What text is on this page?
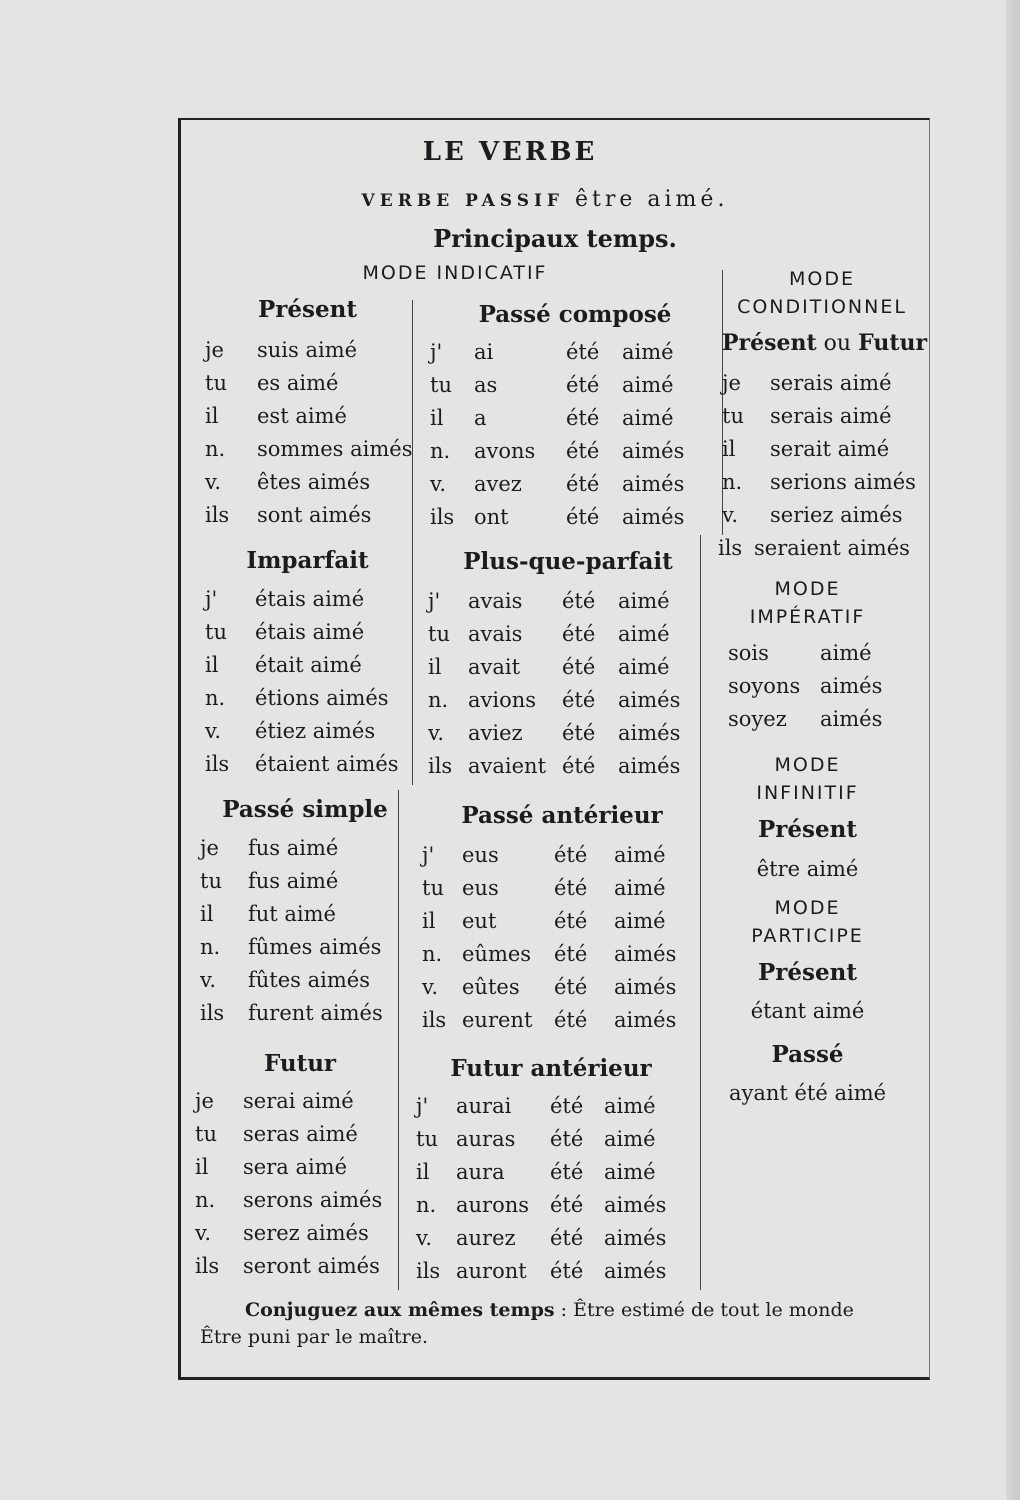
LE VERBE
VERBE PASSIF être aimé.
Principaux temps.
MODE INDICATIF	MODE
CONDITIONNEL
Présent ou Futur
MODE
IMPÉRATIF
MODE
INFINITIF
Présent
être aimé
MODE
PARTICIPE
Présent
étant aimé
Passé
ayant été aimé
Conjuguez aux mêmes temps : Être estimé de tout le monde
Être puni par le maître.
Présent
je suis aimé
tu es aimé
il est aimé
n. sommes aimés
v. êtes aimés
ils sont aimés
Imparfait
j' étais aimé
tu étais aimé
il était aimé
n. étions aimés
v. étiez aimés
ils étaient aimés
Passé simple
je fus aimé
tu fus aimé
il fut aimé
n. fûmes aimés
v. fûtes aimés
ils furent aimés
Futur
je serai aimé
tu seras aimé
il sera aimé
n. serons aimés
v. serez aimés
ils seront aimés
Passé composé
j' ai	été aimé
tu as	été aimé
il a	été aimé
n. avons été aimés
v. avez été aimés
ils ont	été aimés
Plus-que-parfait
j' avais été aimé
tu avais été aimé
il avait été aimé
n. avions été aimés
v. aviez été aimés
ils avaient été aimés
Passé antérieur
j' eus	été aimé
tu eus	été aimé
il eut	été aimé
n. eûmes été aimés
v. eûtes été aimés
ils eurent été aimés
Futur antérieur
j' aurai été aimé
tu auras été aimé
il aura été aimé
n. aurons été aimés
v. aurez été aimés
ils auront été aimés
je serais aimé
tu serais aimé
il serait aimé
n. serions aimés
v. seriez aimés
ils seraient aimés
sois aimé
soyons aimés
soyez aimés
